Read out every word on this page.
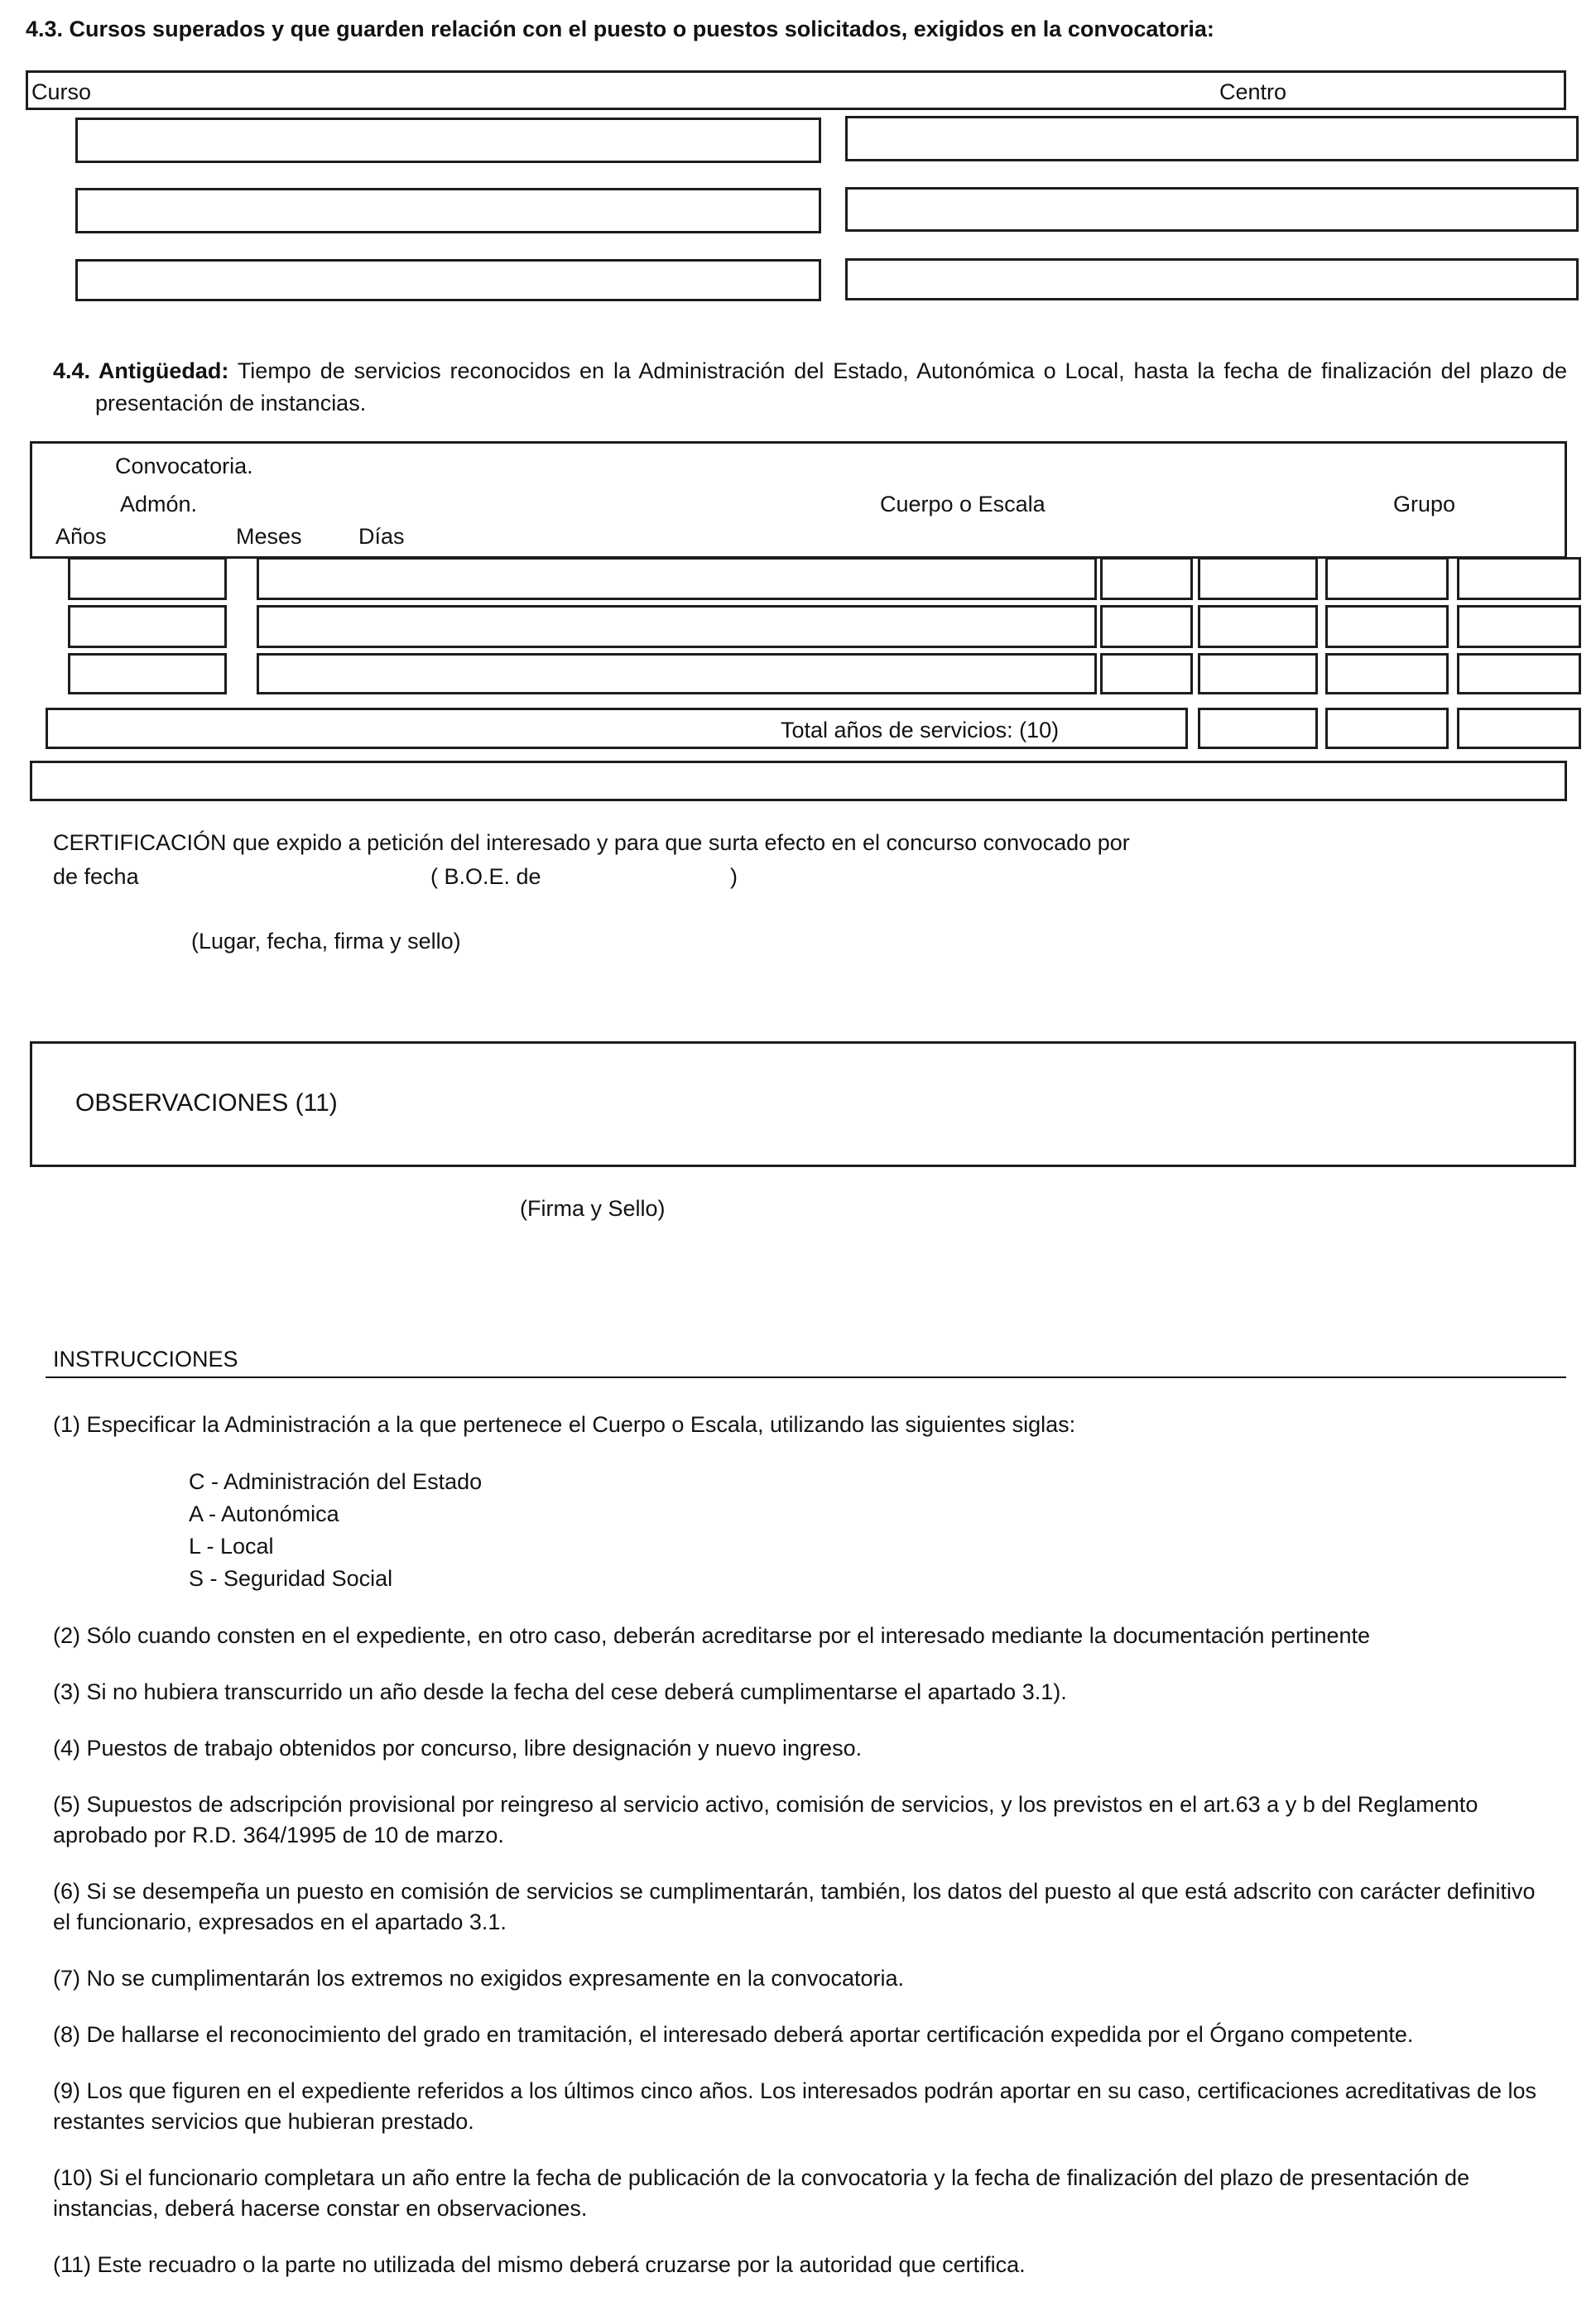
4.3. Cursos superados y que guarden relación con el puesto o puestos solicitados, exigidos en la convocatoria:
Curso	Centro

4.4. Antigüedad: Tiempo de servicios reconocidos en la Administración del Estado, Autonómica o Local, hasta la fecha de finalización del plazo de presentación de instancias.

Convocatoria.
Admón.	Cuerpo o Escala	Grupo
Años	Meses	Días
Total años de servicios: (10)
CERTIFICACIÓN que expido a petición del interesado y para que surta efecto en el concurso convocado por
de fecha	( B.O.E. de	)
(Lugar, fecha, firma y sello)
OBSERVACIONES (11)
(Firma y Sello)
INSTRUCCIONES

(1) Especificar la Administración a la que pertenece el Cuerpo o Escala, utilizando las siguientes siglas:

C - Administración del Estado
A - Autonómica
L - Local
S - Seguridad Social

(2) Sólo cuando consten en el expediente, en otro caso, deberán acreditarse por el interesado mediante la documentación pertinente

(3) Si no hubiera transcurrido un año desde la fecha del cese deberá cumplimentarse el apartado 3.1).

(4) Puestos de trabajo obtenidos por concurso, libre designación y nuevo ingreso.

(5) Supuestos de adscripción provisional por reingreso al servicio activo, comisión de servicios, y los previstos en el art.63 a y b del Reglamento aprobado por R.D. 364/1995 de 10 de marzo.

(6) Si se desempeña un puesto en comisión de servicios se cumplimentarán, también, los datos del puesto al que está adscrito con carácter definitivo el funcionario, expresados en el apartado 3.1.

(7) No se cumplimentarán los extremos no exigidos expresamente en la convocatoria.

(8) De hallarse el reconocimiento del grado en tramitación, el interesado deberá aportar certificación expedida por el Órgano competente.

(9) Los que figuren en el expediente referidos a los últimos cinco años. Los interesados podrán aportar en su caso, certificaciones acreditativas de los restantes servicios que hubieran prestado.

(10) Si el funcionario completara un año entre la fecha de publicación de la convocatoria y la fecha de finalización del plazo de presentación de instancias, deberá hacerse constar en observaciones.

(11) Este recuadro o la parte no utilizada del mismo deberá cruzarse por la autoridad que certifica.
